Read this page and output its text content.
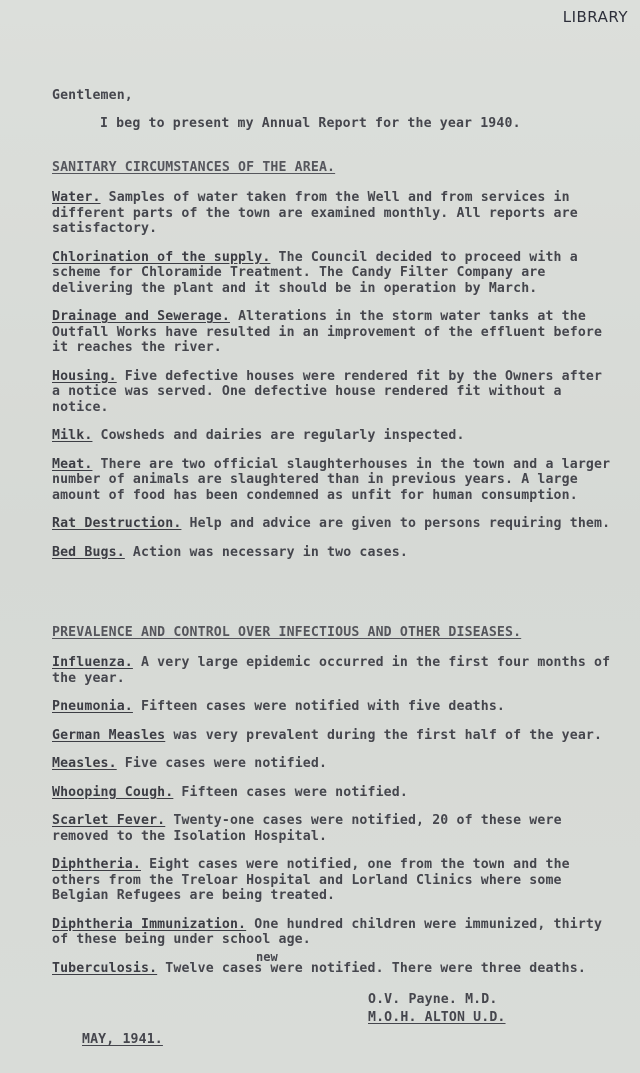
LIBRARY
Gentlemen,
I beg to present my Annual Report for the year 1940.
SANITARY CIRCUMSTANCES OF THE AREA.

Water. Samples of water taken from the Well and from services in different parts of the town are examined monthly. All reports are satisfactory.

Chlorination of the supply. The Council decided to proceed with a scheme for Chloramide Treatment. The Candy Filter Company are delivering the plant and it should be in operation by March.

Drainage and Sewerage. Alterations in the storm water tanks at the Outfall Works have resulted in an improvement of the effluent before it reaches the river.

Housing. Five defective houses were rendered fit by the Owners after a notice was served. One defective house rendered fit without a notice.

Milk. Cowsheds and dairies are regularly inspected.

Meat. There are two official slaughterhouses in the town and a larger number of animals are slaughtered than in previous years. A large amount of food has been condemned as unfit for human consumption.

Rat Destruction. Help and advice are given to persons requiring them.

Bed Bugs. Action was necessary in two cases.

PREVALENCE AND CONTROL OVER INFECTIOUS AND OTHER DISEASES.

Influenza. A very large epidemic occurred in the first four months of the year.

Pneumonia. Fifteen cases were notified with five deaths.

German Measles was very prevalent during the first half of the year.

Measles. Five cases were notified.

Whooping Cough. Fifteen cases were notified.

Scarlet Fever. Twenty-one cases were notified, 20 of these were removed to the Isolation Hospital.

Diphtheria. Eight cases were notified, one from the town and the others from the Treloar Hospital and Lorland Clinics where some Belgian Refugees are being treated.

Diphtheria Immunization. One hundred children were immunized, thirty of these being under school age.

Tuberculosis. Twelve cases were notified. There were three deaths.

new
O.V. Payne. M.D.
M.O.H. ALTON U.D.
MAY, 1941.
